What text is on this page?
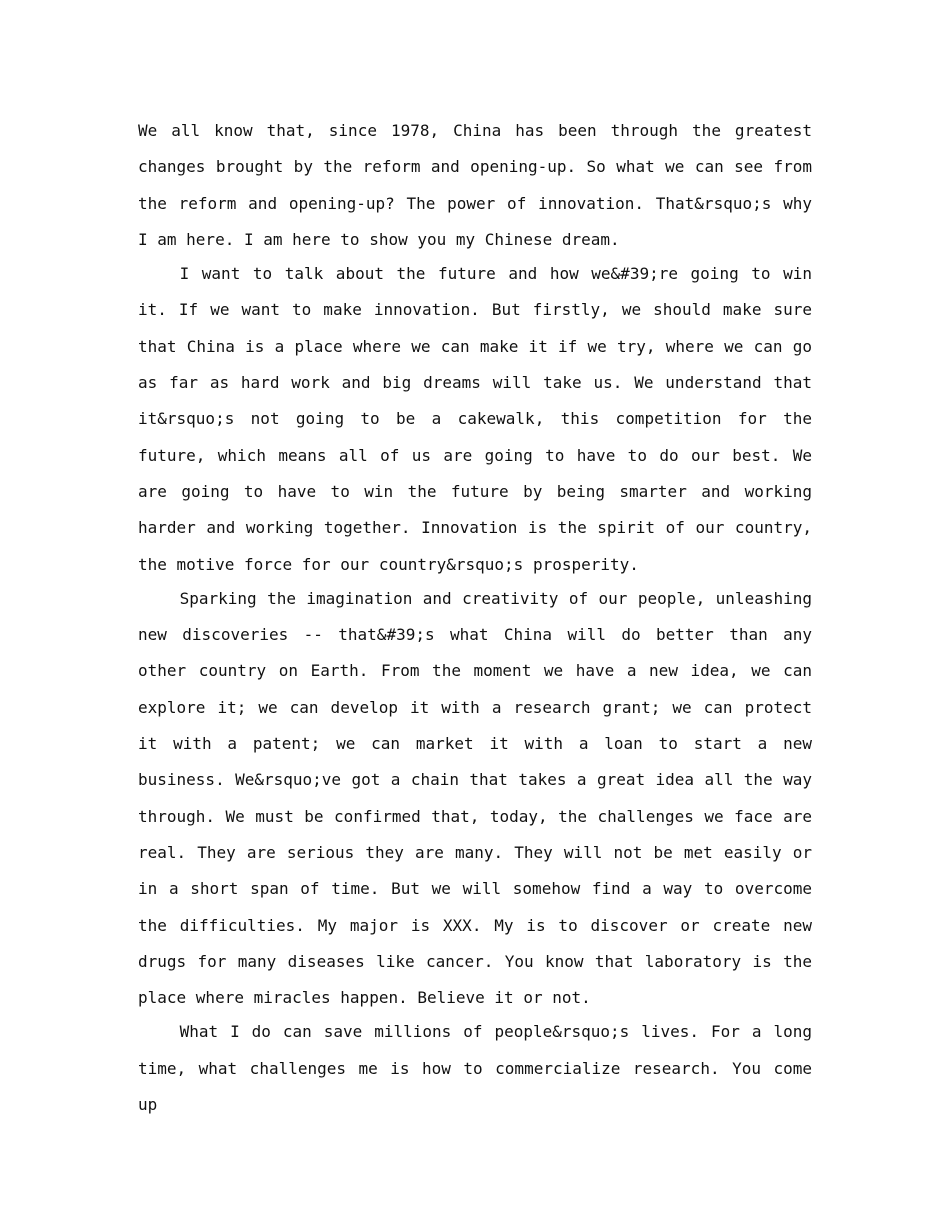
We all know that, since 1978, China has been through the greatest changes brought by the reform and opening-up. So what we can see from the reform and opening-up? The power of innovation. That&rsquo;s why I am here. I am here to show you my Chinese dream.

I want to talk about the future and how we&#39;re going to win it. If we want to make innovation. But firstly, we should make sure that China is a place where we can make it if we try, where we can go as far as hard work and big dreams will take us. We understand that it&rsquo;s not going to be a cakewalk, this competition for the future, which means all of us are going to have to do our best. We are going to have to win the future by being smarter and working harder and working together. Innovation is the spirit of our country, the motive force for our country&rsquo;s prosperity.

Sparking the imagination and creativity of our people, unleashing new discoveries -- that&#39;s what China will do better than any other country on Earth. From the moment we have a new idea, we can explore it; we can develop it with a research grant; we can protect it with a patent; we can market it with a loan to start a new business. We&rsquo;ve got a chain that takes a great idea all the way through. We must be confirmed that, today, the challenges we face are real. They are serious they are many. They will not be met easily or in a short span of time. But we will somehow find a way to overcome the difficulties. My major is XXX. My is to discover or create new drugs for many diseases like cancer. You know that laboratory is the place where miracles happen. Believe it or not.

What I do can save millions of people&rsquo;s lives. For a long time, what challenges me is how to commercialize research. You come up
